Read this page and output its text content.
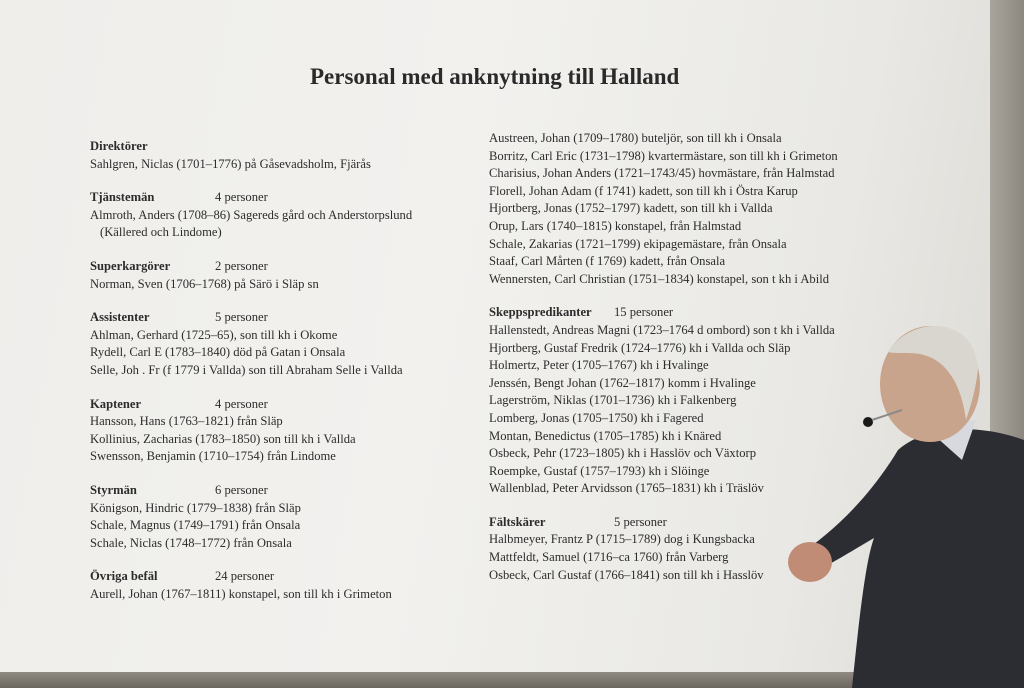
Personal med anknytning till Halland
Direktörer
Sahlgren, Niclas (1701–1776) på Gåsevadsholm, Fjärås
Tjänstemän	4 personer
Almroth, Anders (1708–86) Sagereds gård och Anderstorpslund
(Källered och Lindome)
Superkargörer	2 personer
Norman, Sven (1706–1768) på Särö i Släp sn
Assistenter	5 personer
Ahlman, Gerhard (1725–65), son till kh i Okome
Rydell, Carl E (1783–1840) död på Gatan i Onsala
Selle, Joh . Fr (f 1779 i Vallda) son till Abraham Selle i Vallda
Kaptener	4 personer
Hansson, Hans (1763–1821) från Släp
Kollinius, Zacharias (1783–1850) son till kh i Vallda
Swensson, Benjamin (1710–1754) från Lindome
Styrmän	6 personer
Königson, Hindric (1779–1838) från Släp
Schale, Magnus (1749–1791) från Onsala
Schale, Niclas (1748–1772) från Onsala
Övriga befäl	24 personer
Aurell, Johan (1767–1811) konstapel, son till kh i Grimeton
Austreen, Johan (1709–1780) buteljör, son till kh i Onsala
Borritz, Carl Eric (1731–1798) kvartermästare, son till kh i Grimeton
Charisius, Johan Anders (1721–1743/45) hovmästare, från Halmstad
Florell, Johan Adam (f 1741) kadett, son till kh i Östra Karup
Hjortberg, Jonas (1752–1797) kadett, son till kh i Vallda
Orup, Lars (1740–1815) konstapel, från Halmstad
Schale, Zakarias (1721–1799) ekipagemästare, från Onsala
Staaf, Carl Mårten (f 1769) kadett, från Onsala
Wennersten, Carl Christian (1751–1834) konstapel, son t kh i Abild
Skeppspredikanter	15 personer
Hallenstedt, Andreas Magni (1723–1764 d ombord) son t kh i Vallda
Hjortberg, Gustaf Fredrik (1724–1776) kh i Vallda och Släp
Holmertz, Peter (1705–1767) kh i Hvalinge
Jenssén, Bengt Johan (1762–1817) komm i Hvalinge
Lagerström, Niklas (1701–1736) kh i Falkenberg
Lomberg, Jonas (1705–1750) kh i Fagered
Montan, Benedictus (1705–1785) kh i Knäred
Osbeck, Pehr (1723–1805) kh i Hasslöv och Växtorp
Roempke, Gustaf (1757–1793) kh i Slöinge
Wallenblad, Peter Arvidsson (1765–1831) kh i Träslöv
Fältskärer	5 personer
Halbmeyer, Frantz P (1715–1789) dog i Kungsbacka
Mattfeldt, Samuel (1716–ca 1760) från Varberg
Osbeck, Carl Gustaf (1766–1841) son till kh i Hasslöv
